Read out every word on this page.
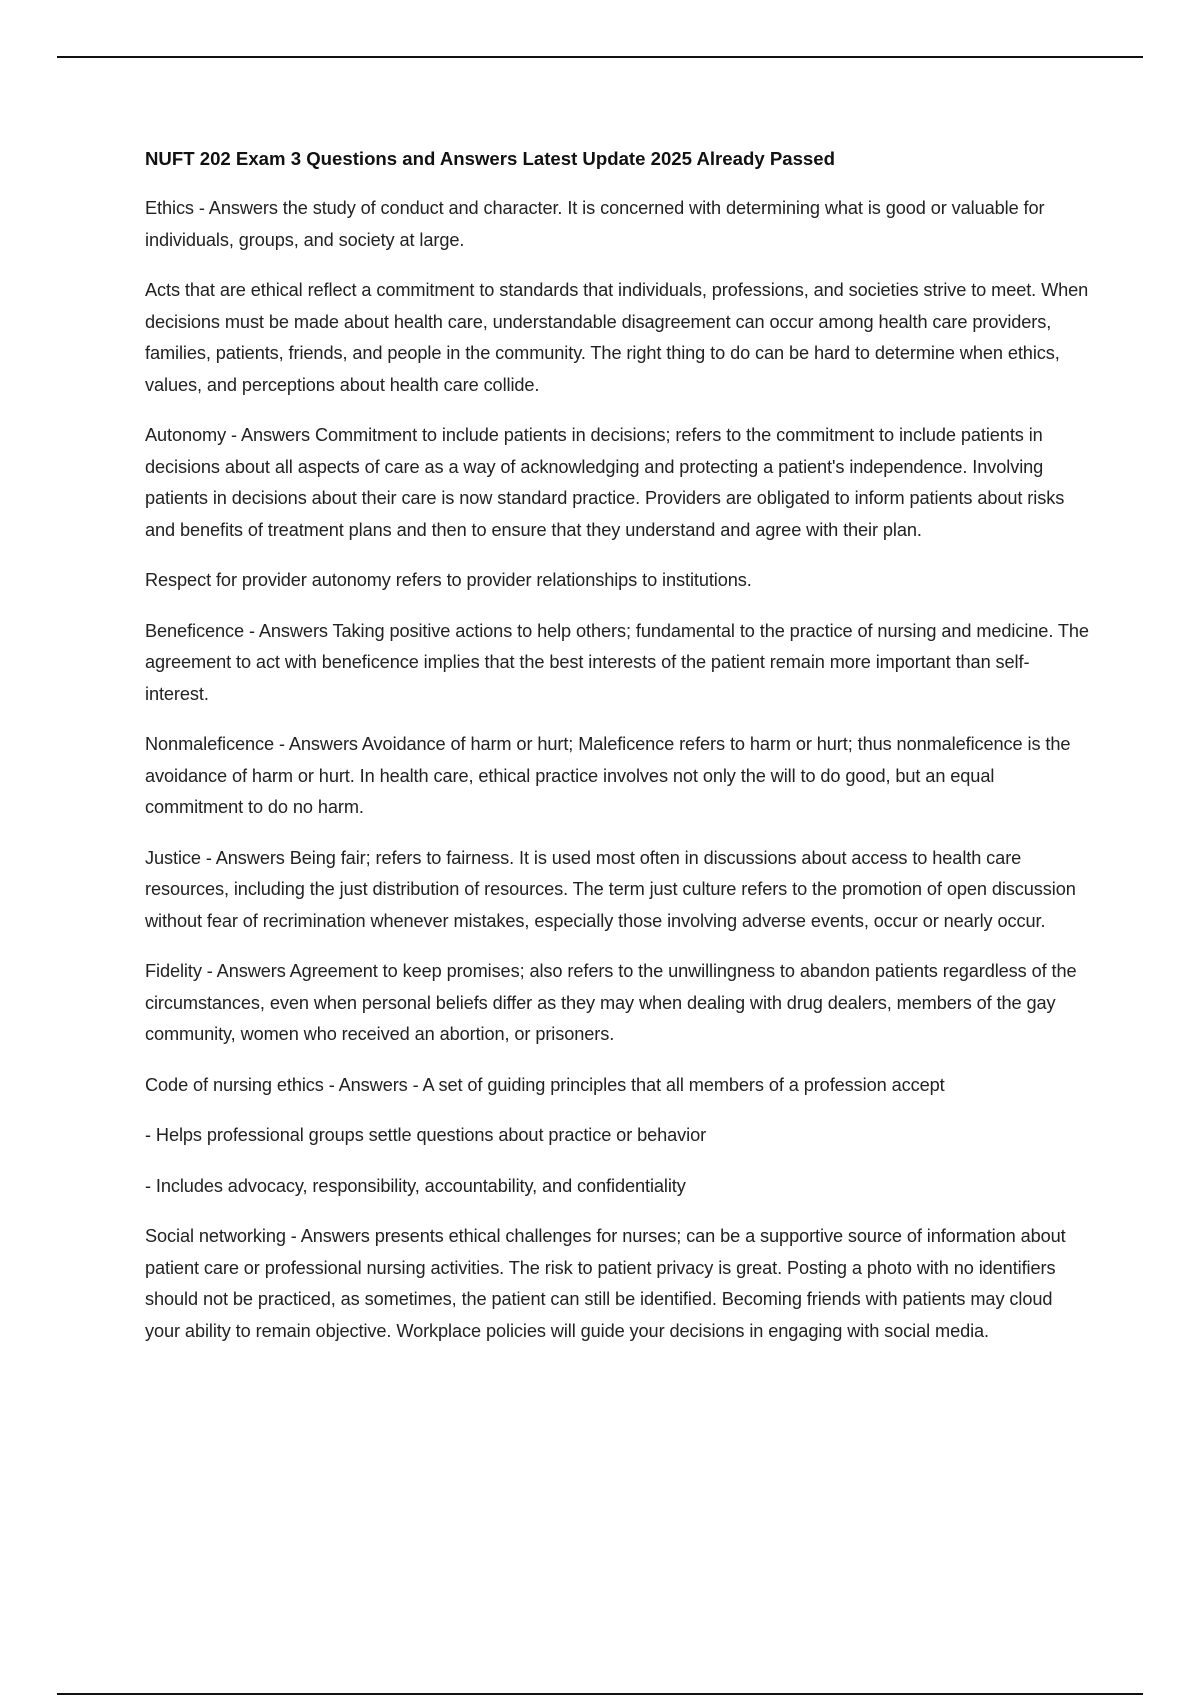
NUFT 202 Exam 3 Questions and Answers Latest Update 2025 Already Passed

Ethics - Answers the study of conduct and character. It is concerned with determining what is good or valuable for individuals, groups, and society at large.

Acts that are ethical reflect a commitment to standards that individuals, professions, and societies strive to meet. When decisions must be made about health care, understandable disagreement can occur among health care providers, families, patients, friends, and people in the community. The right thing to do can be hard to determine when ethics, values, and perceptions about health care collide.

Autonomy - Answers Commitment to include patients in decisions; refers to the commitment to include patients in decisions about all aspects of care as a way of acknowledging and protecting a patient's independence. Involving patients in decisions about their care is now standard practice. Providers are obligated to inform patients about risks and benefits of treatment plans and then to ensure that they understand and agree with their plan.

Respect for provider autonomy refers to provider relationships to institutions.

Beneficence - Answers Taking positive actions to help others; fundamental to the practice of nursing and medicine. The agreement to act with beneficence implies that the best interests of the patient remain more important than self-interest.

Nonmaleficence - Answers Avoidance of harm or hurt; Maleficence refers to harm or hurt; thus nonmaleficence is the avoidance of harm or hurt. In health care, ethical practice involves not only the will to do good, but an equal commitment to do no harm.

Justice - Answers Being fair; refers to fairness. It is used most often in discussions about access to health care resources, including the just distribution of resources. The term just culture refers to the promotion of open discussion without fear of recrimination whenever mistakes, especially those involving adverse events, occur or nearly occur.

Fidelity - Answers Agreement to keep promises; also refers to the unwillingness to abandon patients regardless of the circumstances, even when personal beliefs differ as they may when dealing with drug dealers, members of the gay community, women who received an abortion, or prisoners.

Code of nursing ethics - Answers - A set of guiding principles that all members of a profession accept

- Helps professional groups settle questions about practice or behavior

- Includes advocacy, responsibility, accountability, and confidentiality

Social networking - Answers presents ethical challenges for nurses; can be a supportive source of information about patient care or professional nursing activities. The risk to patient privacy is great. Posting a photo with no identifiers should not be practiced, as sometimes, the patient can still be identified. Becoming friends with patients may cloud your ability to remain objective. Workplace policies will guide your decisions in engaging with social media.
